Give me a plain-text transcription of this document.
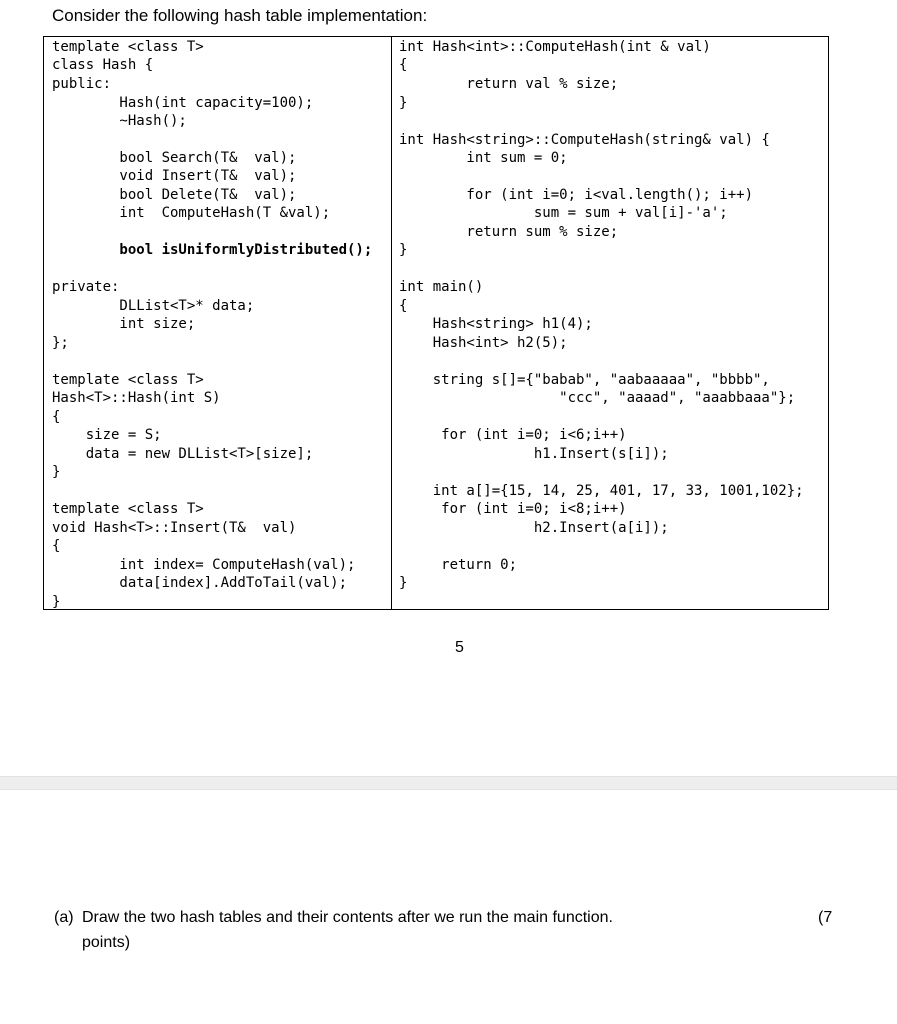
Consider the following hash table implementation:
template <class T>
class Hash {
public:
Hash(int capacity=100);
~Hash();
bool Search(T&  val);
void Insert(T&  val);
bool Delete(T&  val);
int  ComputeHash(T &val);
bool isUniformlyDistributed();
private:
DLList<T>* data;
int size;
};
template <class T>
Hash<T>::Hash(int S)
{
size = S;
data = new DLList<T>[size];
}
template <class T>
void Hash<T>::Insert(T&  val)
{
int index= ComputeHash(val);
data[index].AddToTail(val);
}
int Hash<int>::ComputeHash(int & val)
{
return val % size;
}
int Hash<string>::ComputeHash(string& val) {
int sum = 0;
for (int i=0; i<val.length(); i++)
sum = sum + val[i]-'a';
return sum % size;
}
int main()
{
Hash<string> h1(4);
Hash<int> h2(5);
string s[]={"babab", "aabaaaaa", "bbbb",
"ccc", "aaaad", "aaabbaaa"};
for (int i=0; i<6;i++)
h1.Insert(s[i]);
int a[]={15, 14, 25, 401, 17, 33, 1001,102};
for (int i=0; i<8;i++)
h2.Insert(a[i]);
return 0;
}
5
(a) Draw the two hash tables and their contents after we run the main function.
points)
(7
